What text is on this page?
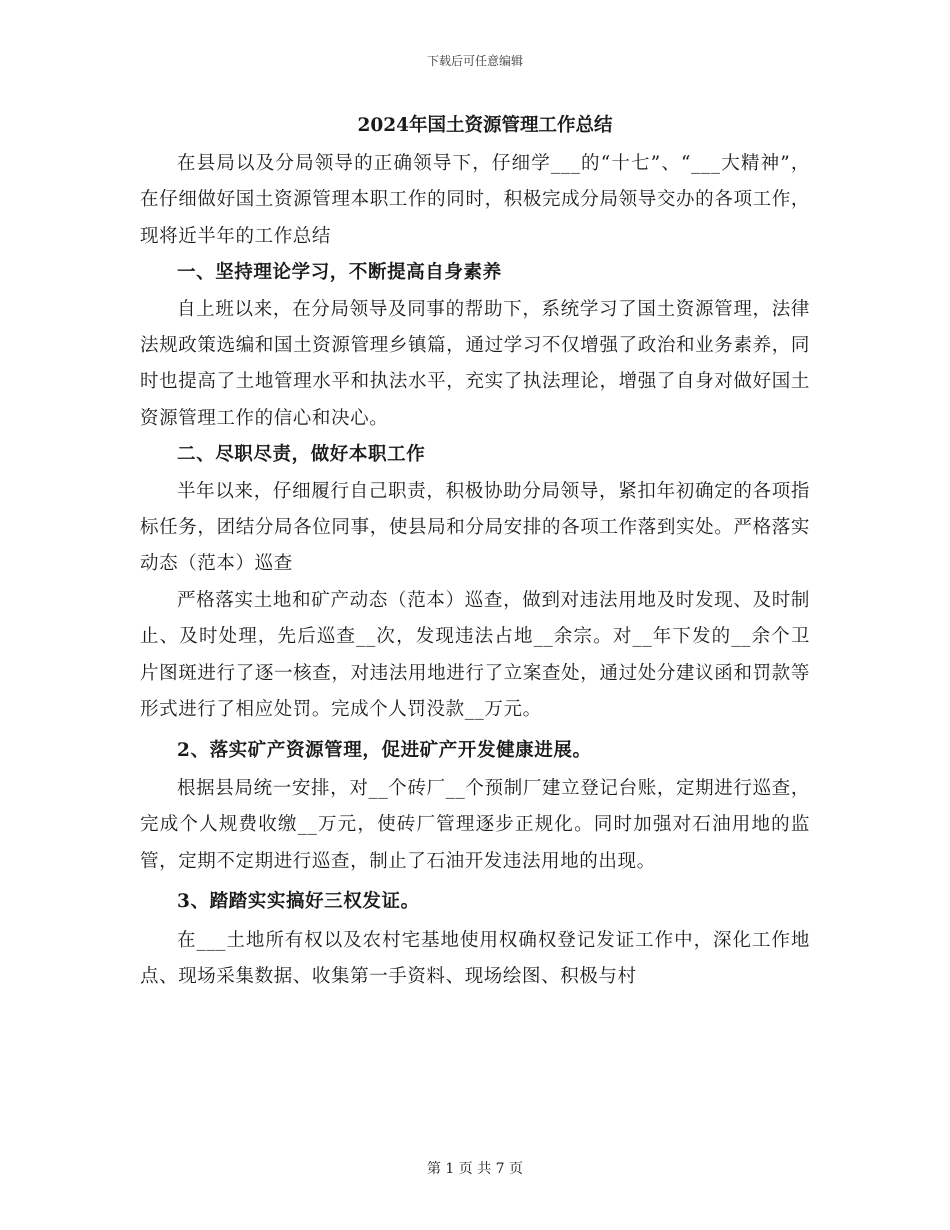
下载后可任意编辑
2024年国土资源管理工作总结

在县局以及分局领导的正确领导下，仔细学___的“十七”、“___大精神”，在仔细做好国土资源管理本职工作的同时，积极完成分局领导交办的各项工作，现将近半年的工作总结

一、坚持理论学习，不断提高自身素养

自上班以来，在分局领导及同事的帮助下，系统学习了国土资源管理，法律法规政策选编和国土资源管理乡镇篇，通过学习不仅增强了政治和业务素养，同时也提高了土地管理水平和执法水平，充实了执法理论，增强了自身对做好国土资源管理工作的信心和决心。

二、尽职尽责，做好本职工作

半年以来，仔细履行自己职责，积极协助分局领导，紧扣年初确定的各项指标任务，团结分局各位同事，使县局和分局安排的各项工作落到实处。严格落实动态（范本）巡查

严格落实土地和矿产动态（范本）巡查，做到对违法用地及时发现、及时制止、及时处理，先后巡查__次，发现违法占地__余宗。对__年下发的__余个卫片图斑进行了逐一核查，对违法用地进行了立案查处，通过处分建议函和罚款等形式进行了相应处罚。完成个人罚没款__万元。

2、落实矿产资源管理，促进矿产开发健康进展。

根据县局统一安排，对__个砖厂__个预制厂建立登记台账，定期进行巡查，完成个人规费收缴__万元，使砖厂管理逐步正规化。同时加强对石油用地的监管，定期不定期进行巡查，制止了石油开发违法用地的出现。

3、踏踏实实搞好三权发证。

在___土地所有权以及农村宅基地使用权确权登记发证工作中，深化工作地点、现场采集数据、收集第一手资料、现场绘图、积极与村

第 1 页 共 7 页
